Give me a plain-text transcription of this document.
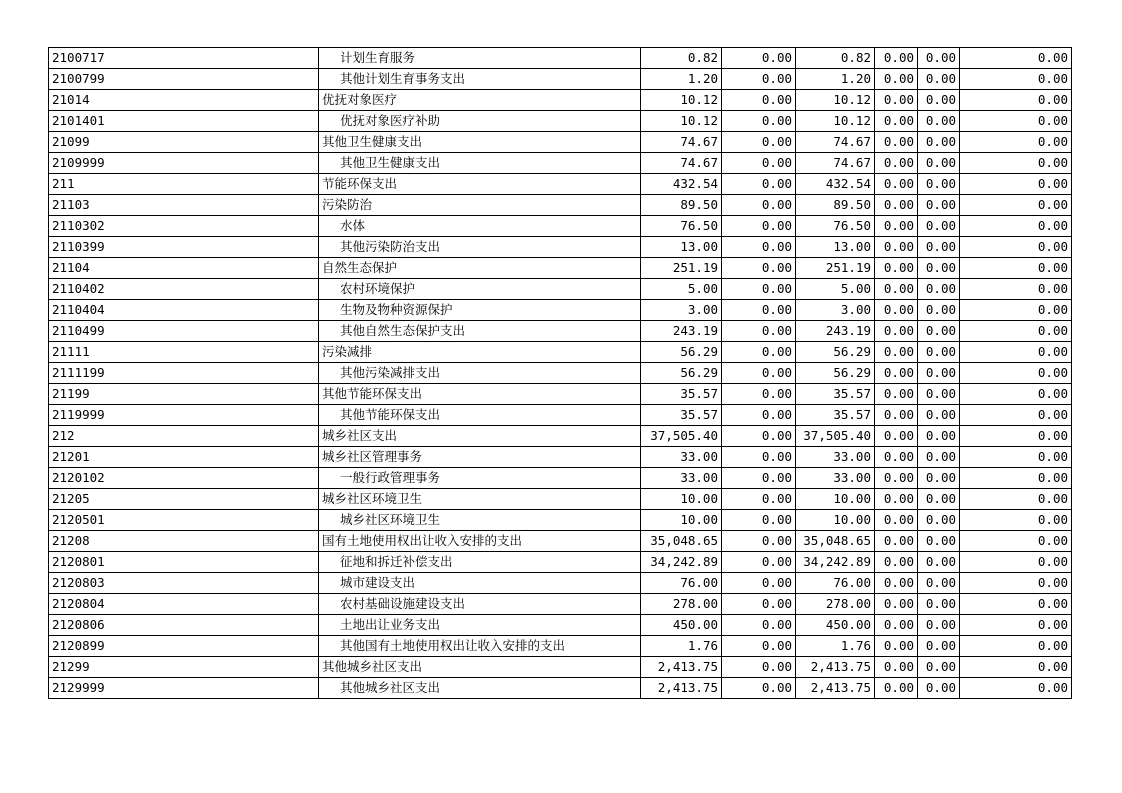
2100717	计划生育服务	0.82	0.00	0.82	0.00	0.00	0.00
2100799	其他计划生育事务支出	1.20	0.00	1.20	0.00	0.00	0.00
21014	优抚对象医疗	10.12	0.00	10.12	0.00	0.00	0.00
2101401	优抚对象医疗补助	10.12	0.00	10.12	0.00	0.00	0.00
21099	其他卫生健康支出	74.67	0.00	74.67	0.00	0.00	0.00
2109999	其他卫生健康支出	74.67	0.00	74.67	0.00	0.00	0.00
211	节能环保支出	432.54	0.00	432.54	0.00	0.00	0.00
21103	污染防治	89.50	0.00	89.50	0.00	0.00	0.00
2110302	水体	76.50	0.00	76.50	0.00	0.00	0.00
2110399	其他污染防治支出	13.00	0.00	13.00	0.00	0.00	0.00
21104	自然生态保护	251.19	0.00	251.19	0.00	0.00	0.00
2110402	农村环境保护	5.00	0.00	5.00	0.00	0.00	0.00
2110404	生物及物种资源保护	3.00	0.00	3.00	0.00	0.00	0.00
2110499	其他自然生态保护支出	243.19	0.00	243.19	0.00	0.00	0.00
21111	污染减排	56.29	0.00	56.29	0.00	0.00	0.00
2111199	其他污染减排支出	56.29	0.00	56.29	0.00	0.00	0.00
21199	其他节能环保支出	35.57	0.00	35.57	0.00	0.00	0.00
2119999	其他节能环保支出	35.57	0.00	35.57	0.00	0.00	0.00
212	城乡社区支出	37,505.40	0.00	37,505.40	0.00	0.00	0.00
21201	城乡社区管理事务	33.00	0.00	33.00	0.00	0.00	0.00
2120102	一般行政管理事务	33.00	0.00	33.00	0.00	0.00	0.00
21205	城乡社区环境卫生	10.00	0.00	10.00	0.00	0.00	0.00
2120501	城乡社区环境卫生	10.00	0.00	10.00	0.00	0.00	0.00
21208	国有土地使用权出让收入安排的支出	35,048.65	0.00	35,048.65	0.00	0.00	0.00
2120801	征地和拆迁补偿支出	34,242.89	0.00	34,242.89	0.00	0.00	0.00
2120803	城市建设支出	76.00	0.00	76.00	0.00	0.00	0.00
2120804	农村基础设施建设支出	278.00	0.00	278.00	0.00	0.00	0.00
2120806	土地出让业务支出	450.00	0.00	450.00	0.00	0.00	0.00
2120899	其他国有土地使用权出让收入安排的支出	1.76	0.00	1.76	0.00	0.00	0.00
21299	其他城乡社区支出	2,413.75	0.00	2,413.75	0.00	0.00	0.00
2129999	其他城乡社区支出	2,413.75	0.00	2,413.75	0.00	0.00	0.00
